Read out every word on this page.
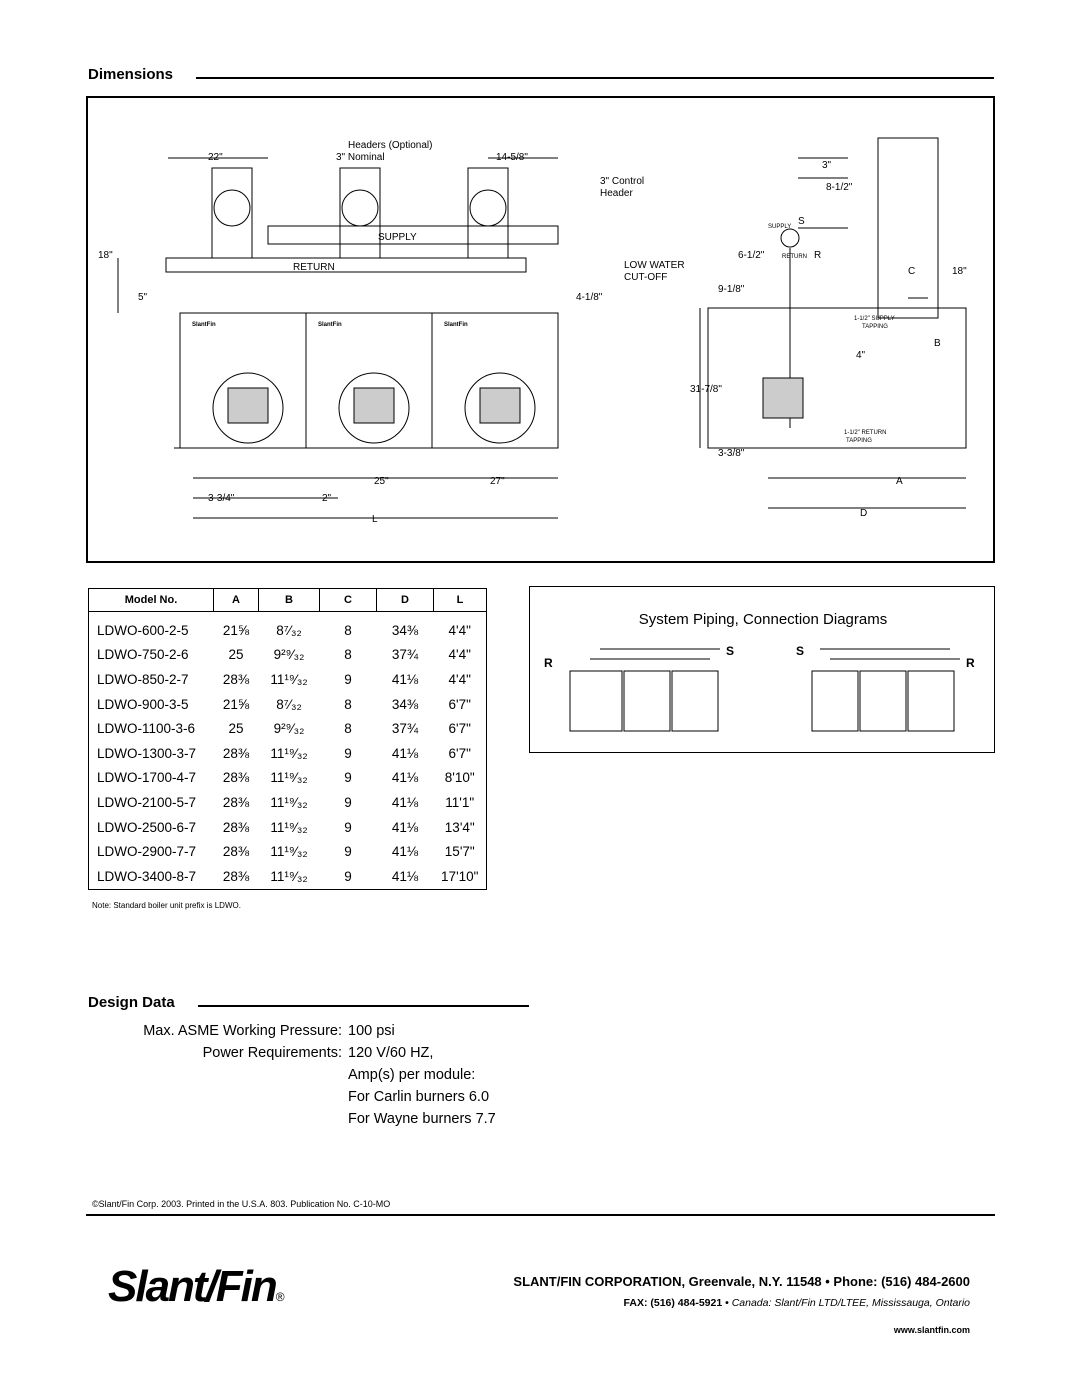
Dimensions
Headers (Optional)
3" Nominal
3" Control
Header
LOW WATER
CUT-OFF
SUPPLY
RETURN
22"	14-5/8"
18"
5"	4-1/8"
25"	27"
3-3/4"	2"
L
3"
8-1/2"
S
R
6-1/2"
9-1/8"
C	18"
B
4"
31-7/8"
3-3/8"
A
D
SUPPLY
RETURN
1-1/2" SUPPLY
TAPPING
1-1/2" RETURN
TAPPING
SlantFin	SlantFin	SlantFin
Model No.	A	B	C	D	L
LDWO-600-2-5	21⅝	8⁷⁄₃₂	8	34⅜	4'4"
LDWO-750-2-6	25	9²⁹⁄₃₂	8	37¾	4'4"
LDWO-850-2-7	28⅜	11¹⁹⁄₃₂	9	41⅛	4'4"
LDWO-900-3-5	21⅝	8⁷⁄₃₂	8	34⅜	6'7"
LDWO-1100-3-6	25	9²⁹⁄₃₂	8	37¾	6'7"
LDWO-1300-3-7	28⅜	11¹⁹⁄₃₂	9	41⅛	6'7"
LDWO-1700-4-7	28⅜	11¹⁹⁄₃₂	9	41⅛	8'10"
LDWO-2100-5-7	28⅜	11¹⁹⁄₃₂	9	41⅛	11'1"
LDWO-2500-6-7	28⅜	11¹⁹⁄₃₂	9	41⅛	13'4"
LDWO-2900-7-7	28⅜	11¹⁹⁄₃₂	9	41⅛	15'7"
LDWO-3400-8-7	28⅜	11¹⁹⁄₃₂	9	41⅛	17'10"
Note: Standard boiler unit prefix is LDWO.
System Piping, Connection Diagrams
R
S	S
R
Design Data
Max. ASME Working Pressure:
Power Requirements:
100 psi
120 V/60 HZ,
Amp(s) per module:
For Carlin burners 6.0
For Wayne burners 7.7
©Slant/Fin Corp. 2003. Printed in the U.S.A. 803. Publication No. C-10-MO
Slant/Fin®
SLANT/FIN CORPORATION, Greenvale, N.Y. 11548 • Phone: (516) 484-2600
FAX: (516) 484-5921 • Canada: Slant/Fin LTD/LTEE, Mississauga, Ontario
www.slantfin.com
